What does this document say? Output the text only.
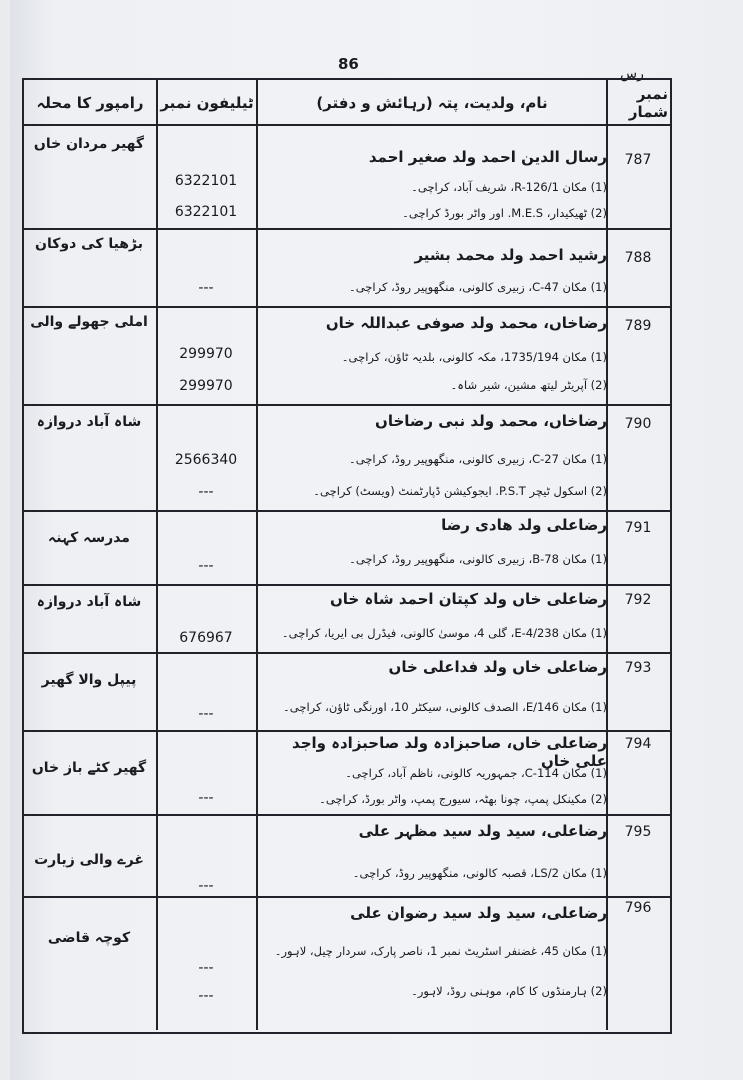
86
رس
نمبر شمار
نام، ولدیت، پتہ (رہائش و دفتر)
ٹیلیفون نمبر
رامپور کا محلہ
787
رسال الدین احمد ولد صغیر احمد
(1) مکان R-126/1، شریف آباد، کراچی۔
(2) ٹھیکیدار، M.E.S. اور واٹر بورڈ کراچی۔
6322101
6322101
گھیر مردان خاں
788
رشید احمد ولد محمد بشیر
(1) مکان C-47، زبیری کالونی، منگھوپیر روڈ، کراچی۔
---
بڑھیا کی دوکان
789
رضاخاں، محمد ولد صوفی عبداللہ خاں
(1) مکان 1735/194، مکہ کالونی، بلدیہ ٹاؤن، کراچی۔
(2) آپریٹر لیتھ مشین، شیر شاہ۔
299970
299970
املی جھولے والی
790
رضاخاں، محمد ولد نبی رضاخاں
(1) مکان C-27، زبیری کالونی، منگھوپیر روڈ، کراچی۔
(2) اسکول ٹیچر P.S.T. ایجوکیشن ڈپارٹمنٹ (ویسٹ) کراچی۔
2566340
---
شاہ آباد دروازہ
791
رضاعلی ولد ھادی رضا
(1) مکان B-78، زبیری کالونی، منگھوپیر روڈ، کراچی۔
---
مدرسہ کہنہ
792
رضاعلی خاں ولد کپتان احمد شاہ خاں
(1) مکان E-4/238، گلی 4، موسیٰ کالونی، فیڈرل بی ایریا، کراچی۔
676967
شاہ آباد دروازہ
793
رضاعلی خاں ولد فداعلی خاں
(1) مکان E/146، الصدف کالونی، سیکٹر 10، اورنگی ٹاؤن، کراچی۔
---
پیپل والا گھیر
794
رضاعلی خاں، صاحبزادہ ولد صاحبزادہ واجد علی خاں
(1) مکان C-114، جمہوریہ کالونی، ناظم آباد، کراچی۔
(2) مکینکل پمپ، چونا بھٹہ، سیورج پمپ، واٹر بورڈ، کراچی۔
---
گھیر کٹے باز خاں
795
رضاعلی، سید ولد سید مظہر علی
(1) مکان LS/2، قصبہ کالونی، منگھوپیر روڈ، کراچی۔
---
غرے والی زیارت
796
رضاعلی، سید ولد سید رضوان علی
(1) مکان 45، غضنفر اسٹریٹ نمبر 1، ناصر پارک، سردار چیل، لاہور۔
(2) ہارمنڈوں کا کام، موہنی روڈ، لاہور۔
---
---
کوچہ قاضی
